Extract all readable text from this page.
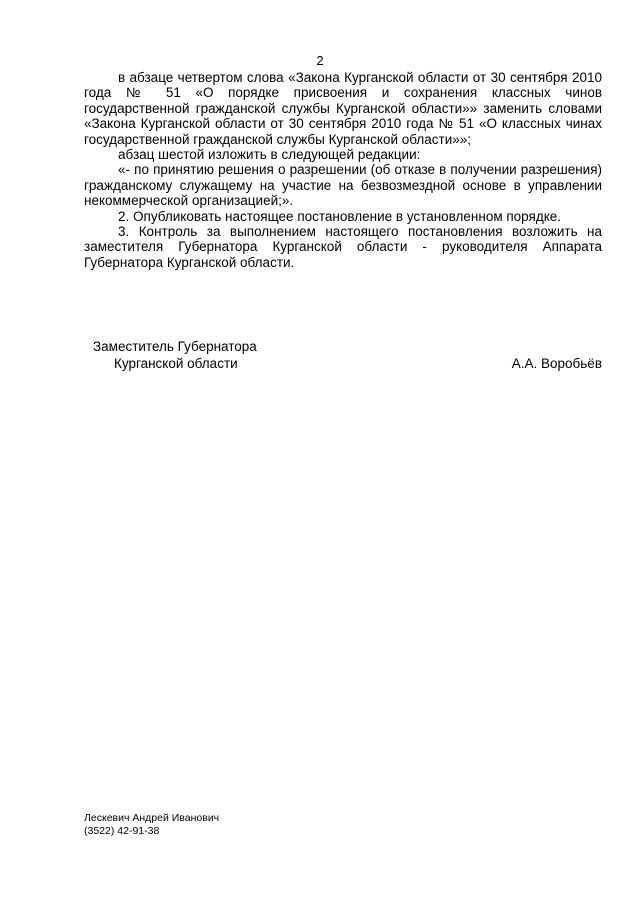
2

в абзаце четвертом слова «Закона Курганской области от 30 сентября 2010 года № 51 «О порядке присвоения и сохранения классных чинов государственной гражданской службы Курганской области»» заменить словами «Закона Курганской области от 30 сентября 2010 года № 51 «О классных чинах государственной гражданской службы Курганской области»»;

абзац шестой изложить в следующей редакции:

«- по принятию решения о разрешении (об отказе в получении разрешения) гражданскому служащему на участие на безвозмездной основе в управлении некоммерческой организацией;».

2. Опубликовать настоящее постановление в установленном порядке.

3. Контроль за выполнением настоящего постановления возложить на заместителя Губернатора Курганской области - руководителя Аппарата Губернатора Курганской области.

Заместитель Губернатора
Курганской области	А.А. Воробьёв
Лескевич Андрей Иванович
(3522) 42-91-38
